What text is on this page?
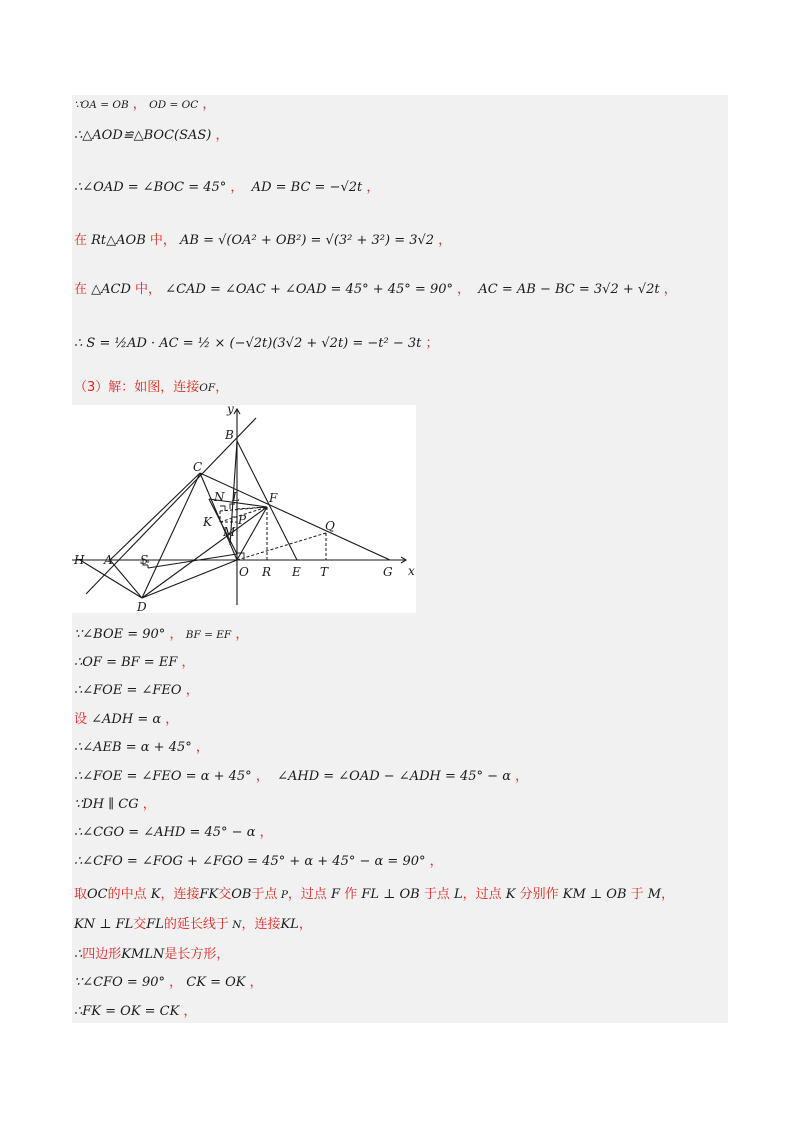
∵OA = OB ， OD = OC ，
∴△AOD≌△BOC(SAS) ，
∴∠OAD = ∠BOC = 45° ，  AD = BC = −√2t ，
在 Rt△AOB 中， AB = √(OA² + OB²) = √(3² + 3²) = 3√2 ，
在 △ACD 中， ∠CAD = ∠OAC + ∠OAD = 45° + 45° = 90° ，  AC = AB − BC = 3√2 + √2t ，
∴ S = ½AD · AC = ½ × (−√2t)(3√2 + √2t) = −t² − 3t ；
（3）解：如图，连接OF，
∵∠BOE = 90° ， BF = EF ，
∴OF = BF = EF ，
∴∠FOE = ∠FEO ，
设 ∠ADH = α ，
∴∠AEB = α + 45° ，
∴∠FOE = ∠FEO = α + 45° ，  ∠AHD = ∠OAD − ∠ADH = 45° − α ，
∵DH ∥ CG ，
∴∠CGO = ∠AHD = 45° − α ，
∴∠CFO = ∠FOG + ∠FGO = 45° + α + 45° − α = 90° ，
取OC的中点 K，连接FK交OB于点 P，过点 F 作 FL ⊥ OB 于点 L，过点 K 分别作 KM ⊥ OB 于 M，
KN ⊥ FL交FL的延长线于 N，连接KL，
∴四边形KMLN是长方形，
∵∠CFO = 90° ， CK = OK ，
∴FK = OK = CK ，
y
x
B
C
N L F
K P
M	Q
H A S
O R E T	G
D
